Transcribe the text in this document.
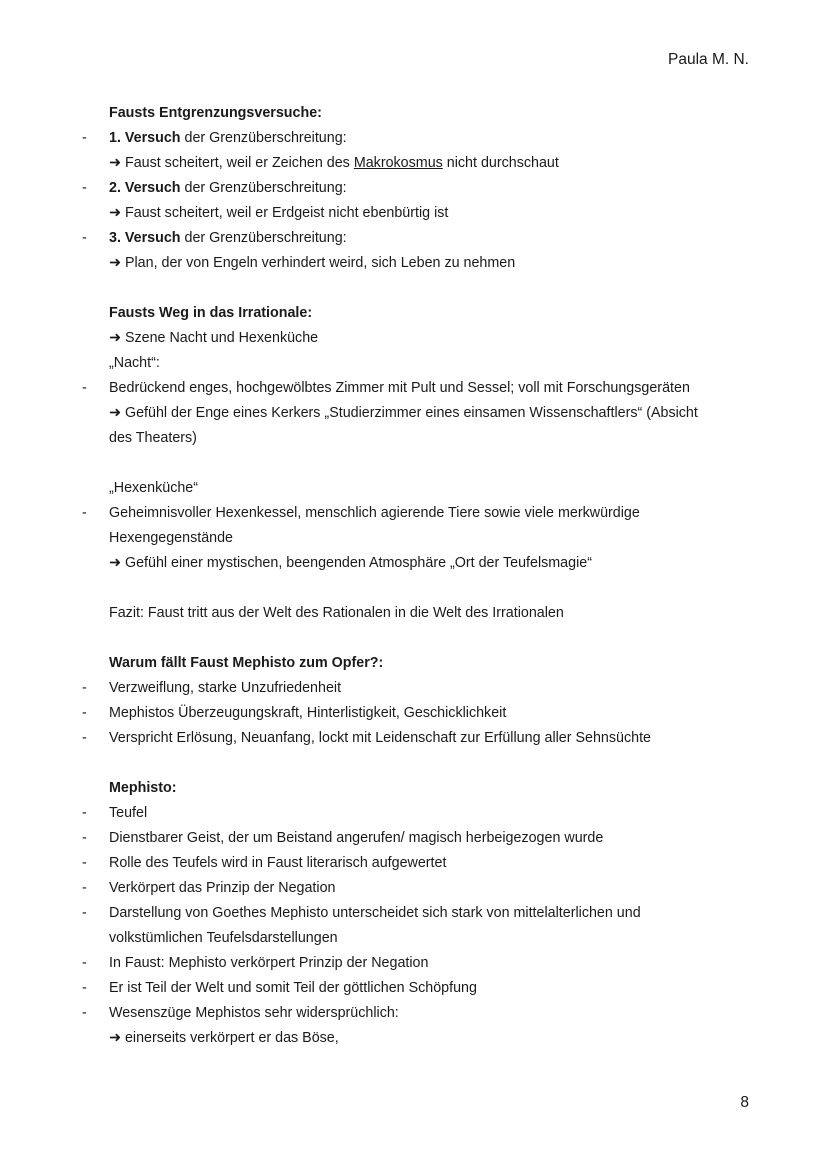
Paula M. N.
Fausts Entgrenzungsversuche:
- 1. Versuch der Grenzüberschreitung:
➜ Faust scheitert, weil er Zeichen des Makrokosmus nicht durchschaut
- 2. Versuch der Grenzüberschreitung:
➜ Faust scheitert, weil er Erdgeist nicht ebenbürtig ist
- 3. Versuch der Grenzüberschreitung:
➜ Plan, der von Engeln verhindert weird, sich Leben zu nehmen
Fausts Weg in das Irrationale:
➜ Szene Nacht und Hexenküche
„Nacht“:
- Bedrückend enges, hochgewölbtes Zimmer mit Pult und Sessel; voll mit Forschungsgeräten
➜ Gefühl der Enge eines Kerkers „Studierzimmer eines einsamen Wissenschaftlers“ (Absicht
des Theaters)
„Hexenküche“
- Geheimnisvoller Hexenkessel, menschlich agierende Tiere sowie viele merkwürdige
Hexengegenstände
➜ Gefühl einer mystischen, beengenden Atmosphäre „Ort der Teufelsmagie“
Fazit: Faust tritt aus der Welt des Rationalen in die Welt des Irrationalen
Warum fällt Faust Mephisto zum Opfer?:
- Verzweiflung, starke Unzufriedenheit
- Mephistos Überzeugungskraft, Hinterlistigkeit, Geschicklichkeit
- Verspricht Erlösung, Neuanfang, lockt mit Leidenschaft zur Erfüllung aller Sehnsüchte
Mephisto:
- Teufel
- Dienstbarer Geist, der um Beistand angerufen/ magisch herbeigezogen wurde
- Rolle des Teufels wird in Faust literarisch aufgewertet
- Verkörpert das Prinzip der Negation
- Darstellung von Goethes Mephisto unterscheidet sich stark von mittelalterlichen und
volkstümlichen Teufelsdarstellungen
- In Faust: Mephisto verkörpert Prinzip der Negation
- Er ist Teil der Welt und somit Teil der göttlichen Schöpfung
- Wesenszüge Mephistos sehr widersprüchlich:
➜ einerseits verkörpert er das Böse,
8
